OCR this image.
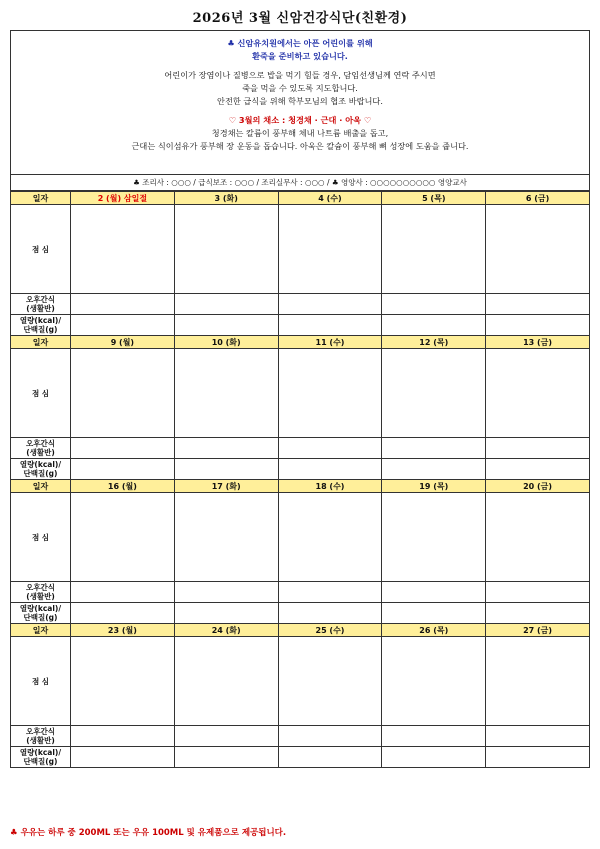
2026년 3월 신암건강식단(친환경)
♣ 신암유치원에서는 아픈 어린이를 위해
환죽을 준비하고 있습니다.
어린이가 장염이나 질병으로 밥을 먹기 힘들 경우, 담임선생님께 연락 주시면
죽을 먹을 수 있도록 지도합니다.
안전한 급식을 위해 학부모님의 협조 바랍니다.
♡ 3월의 채소 : 청경채 · 근대 · 아욱 ♡
청경채는 칼륨이 풍부해 체내 나트륨 배출을 돕고,
근대는 식이섬유가 풍부해 장 운동을 돕습니다. 아욱은 칼슘이 풍부해 뼈 성장에 도움을 줍니다.
♣ 조리사 : ○○○ / 급식보조 : ○○○ / 조리실무사 : ○○○ / ♣ 영양사 : ○○○○○○○○○○ 영양교사
일자	2 (월) 삼일절	3 (화)	4 (수)	5 (목)	6 (금)
점 심					
오후간식
(생활반)					
열량(kcal)/
단백질(g)					
일자	9 (월)	10 (화)	11 (수)	12 (목)	13 (금)
점 심					
오후간식
(생활반)					
열량(kcal)/
단백질(g)					
일자	16 (월)	17 (화)	18 (수)	19 (목)	20 (금)
점 심					
오후간식
(생활반)					
열량(kcal)/
단백질(g)					
일자	23 (월)	24 (화)	25 (수)	26 (목)	27 (금)
점 심					
오후간식
(생활반)					
열량(kcal)/
단백질(g)					
♣ 우유는 하루 중 200ML 또는 우유 100ML 및 유제품으로 제공됩니다.
